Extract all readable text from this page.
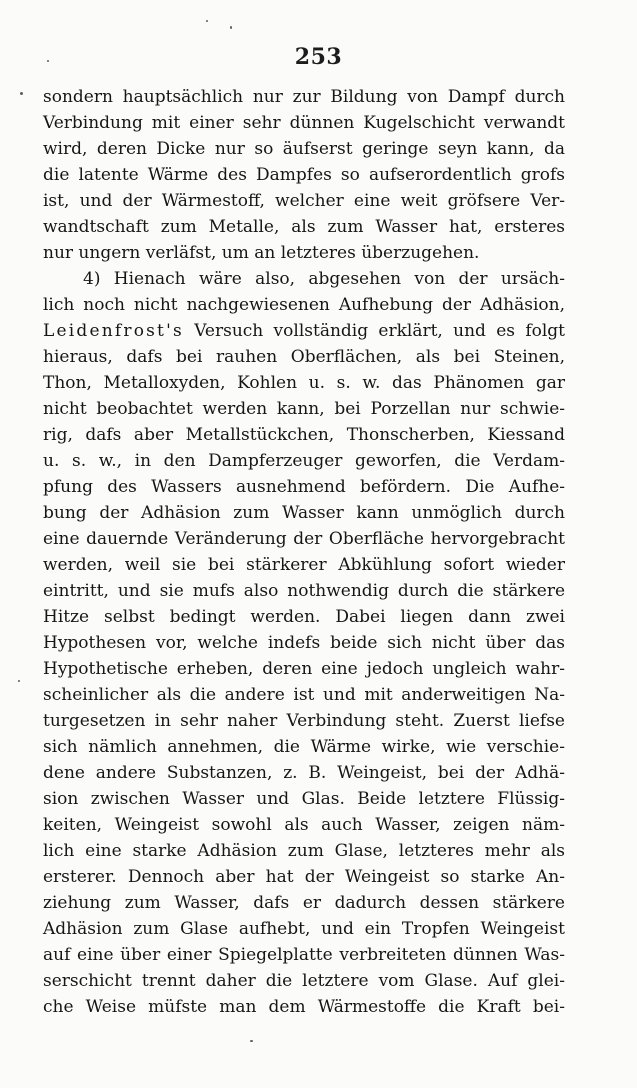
253
sondern hauptsächlich nur zur Bildung von Dampf durch
Verbindung mit einer sehr dünnen Kugelschicht verwandt
wird, deren Dicke nur so äufserst geringe seyn kann, da
die latente Wärme des Dampfes so aufserordentlich grofs
ist, und der Wärmestoff, welcher eine weit gröfsere Ver-
wandtschaft zum Metalle, als zum Wasser hat, ersteres
nur ungern verläfst, um an letzteres überzugehen.
4) Hienach wäre also, abgesehen von der ursäch-
lich noch nicht nachgewiesenen Aufhebung der Adhäsion,
Leidenfrost's Versuch vollständig erklärt, und es folgt
hieraus, dafs bei rauhen Oberflächen, als bei Steinen,
Thon, Metalloxyden, Kohlen u. s. w. das Phänomen gar
nicht beobachtet werden kann, bei Porzellan nur schwie-
rig, dafs aber Metallstückchen, Thonscherben, Kiessand
u. s. w., in den Dampferzeuger geworfen, die Verdam-
pfung des Wassers ausnehmend befördern. Die Aufhe-
bung der Adhäsion zum Wasser kann unmöglich durch
eine dauernde Veränderung der Oberfläche hervorgebracht
werden, weil sie bei stärkerer Abkühlung sofort wieder
eintritt, und sie mufs also nothwendig durch die stärkere
Hitze selbst bedingt werden. Dabei liegen dann zwei
Hypothesen vor, welche indefs beide sich nicht über das
Hypothetische erheben, deren eine jedoch ungleich wahr-
scheinlicher als die andere ist und mit anderweitigen Na-
turgesetzen in sehr naher Verbindung steht. Zuerst liefse
sich nämlich annehmen, die Wärme wirke, wie verschie-
dene andere Substanzen, z. B. Weingeist, bei der Adhä-
sion zwischen Wasser und Glas. Beide letztere Flüssig-
keiten, Weingeist sowohl als auch Wasser, zeigen näm-
lich eine starke Adhäsion zum Glase, letzteres mehr als
ersterer. Dennoch aber hat der Weingeist so starke An-
ziehung zum Wasser, dafs er dadurch dessen stärkere
Adhäsion zum Glase aufhebt, und ein Tropfen Weingeist
auf eine über einer Spiegelplatte verbreiteten dünnen Was-
serschicht trennt daher die letztere vom Glase. Auf glei-
che Weise müfste man dem Wärmestoffe die Kraft bei-
